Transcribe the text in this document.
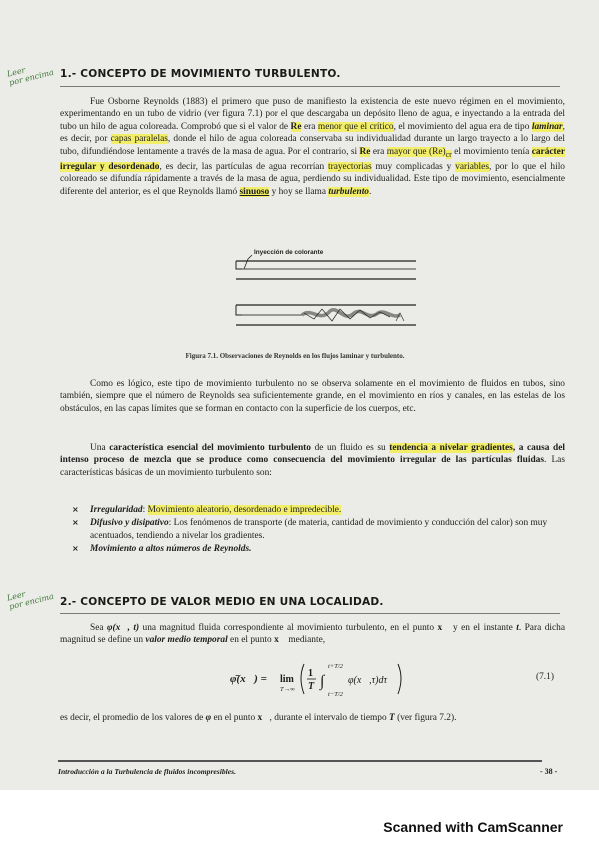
Leer
por encima
Leer
por encima
1.- CONCEPTO DE MOVIMIENTO TURBULENTO.

Fue Osborne Reynolds (1883) el primero que puso de manifiesto la existencia de este nuevo régimen en el movimiento, experimentando en un tubo de vidrio (ver figura 7.1) por el que descargaba un depósito lleno de agua, e inyectando a la entrada del tubo un hilo de agua coloreada. Comprobó que si el valor de Re era menor que el crítico, el movimiento del agua era de tipo laminar, es decir, por capas paralelas, donde el hilo de agua coloreada conservaba su individualidad durante un largo trayecto a lo largo del tubo, difundiéndose lentamente a través de la masa de agua. Por el contrario, si Re era mayor que $(Re)_{cr}$ el movimiento tenía carácter irregular y desordenado, es decir, las partículas de agua recorrían trayectorias muy complicadas y variables, por lo que el hilo coloreado se difundía rápidamente a través de la masa de agua, perdiendo su individualidad. Este tipo de movimiento, esencialmente diferente del anterior, es el que Reynolds llamó sinuoso y hoy se llama turbulento.

Inyección de colorante
Figura 7.1. Observaciones de Reynolds en los flujos laminar y turbulento.

Como es lógico, este tipo de movimiento turbulento no se observa solamente en el movimiento de fluidos en tubos, sino también, siempre que el número de Reynolds sea suficientemente grande, en el movimiento en ríos y canales, en las estelas de los obstáculos, en las capas límites que se forman en contacto con la superficie de los cuerpos, etc.

Una característica esencial del movimiento turbulento de un fluido es su tendencia a nivelar gradientes, a causa del intenso proceso de mezcla que se produce como consecuencia del movimiento irregular de las partículas fluidas. Las características básicas de un movimiento turbulento son:

× Irregularidad: Movimiento aleatorio, desordenado e impredecible.
× Difusivo y disipativo: Los fenómenos de transporte (de materia, cantidad de movimiento y conducción del calor) son muy acentuados, tendiendo a nivelar los gradientes.
× Movimiento a altos números de Reynolds.
2.- CONCEPTO DE VALOR MEDIO EN UNA LOCALIDAD.

Sea φ(x⃗, t) una magnitud fluida correspondiente al movimiento turbulento, en el punto x⃗ y en el instante t. Para dicha magnitud se define un valor medio temporal en el punto x⃗ mediante,

φ̄(x⃗) = lim
T→∞
1
T ∫
t+T/2
t−T/2
φ(x⃗,τ)dτ	(7.1)

es decir, el promedio de los valores de φ en el punto x⃗, durante el intervalo de tiempo T (ver figura 7.2).

Introducción a la Turbulencia de fluidos incompresibles.	- 38 -
Scanned with CamScanner
